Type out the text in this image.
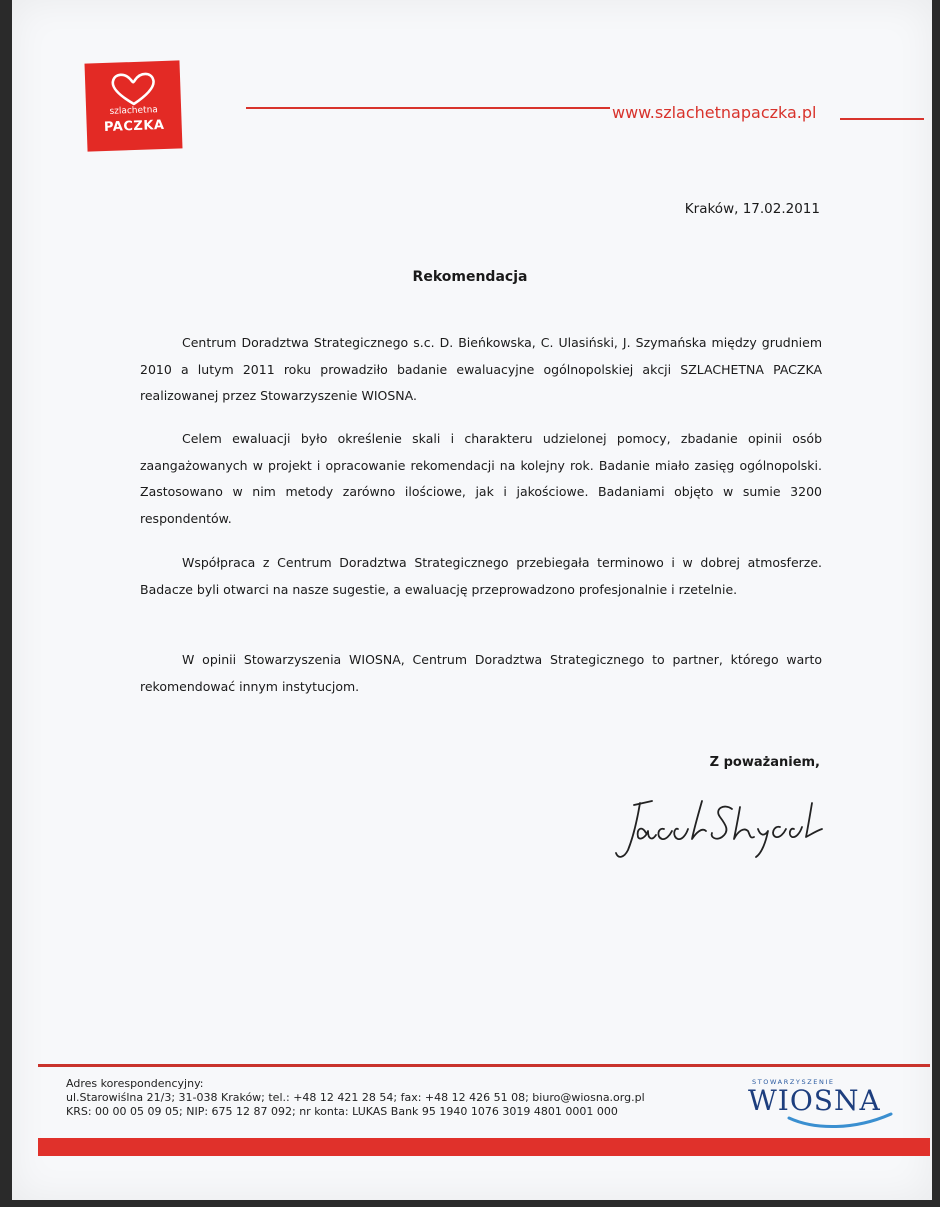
szlachetna
PACZKA
www.szlachetnapaczka.pl
Kraków, 17.02.2011
Rekomendacja

Centrum Doradztwa Strategicznego s.c. D. Bieńkowska, C. Ulasiński, J. Szymańska między grudniem 2010 a lutym 2011 roku prowadziło badanie ewaluacyjne ogólnopolskiej akcji SZLACHETNA PACZKA realizowanej przez Stowarzyszenie WIOSNA.

Celem ewaluacji było określenie skali i charakteru udzielonej pomocy, zbadanie opinii osób zaangażowanych w projekt i opracowanie rekomendacji na kolejny rok. Badanie miało zasięg ogólnopolski. Zastosowano w nim metody zarówno ilościowe, jak i jakościowe. Badaniami objęto w sumie 3200 respondentów.

Współpraca z Centrum Doradztwa Strategicznego przebiegała terminowo i w dobrej atmosferze. Badacze byli otwarci na nasze sugestie, a ewaluację przeprowadzono profesjonalnie i rzetelnie.

W opinii Stowarzyszenia WIOSNA, Centrum Doradztwa Strategicznego to partner, którego warto rekomendować innym instytucjom.

Z poważaniem,
Adres korespondencyjny:
ul.Starowiślna 21/3; 31-038 Kraków; tel.: +48 12 421 28 54; fax: +48 12 426 51 08; biuro@wiosna.org.pl
KRS: 00 00 05 09 05; NIP: 675 12 87 092; nr konta: LUKAS Bank 95 1940 1076 3019 4801 0001 000
STOWARZYSZENIE
WIOSNA
